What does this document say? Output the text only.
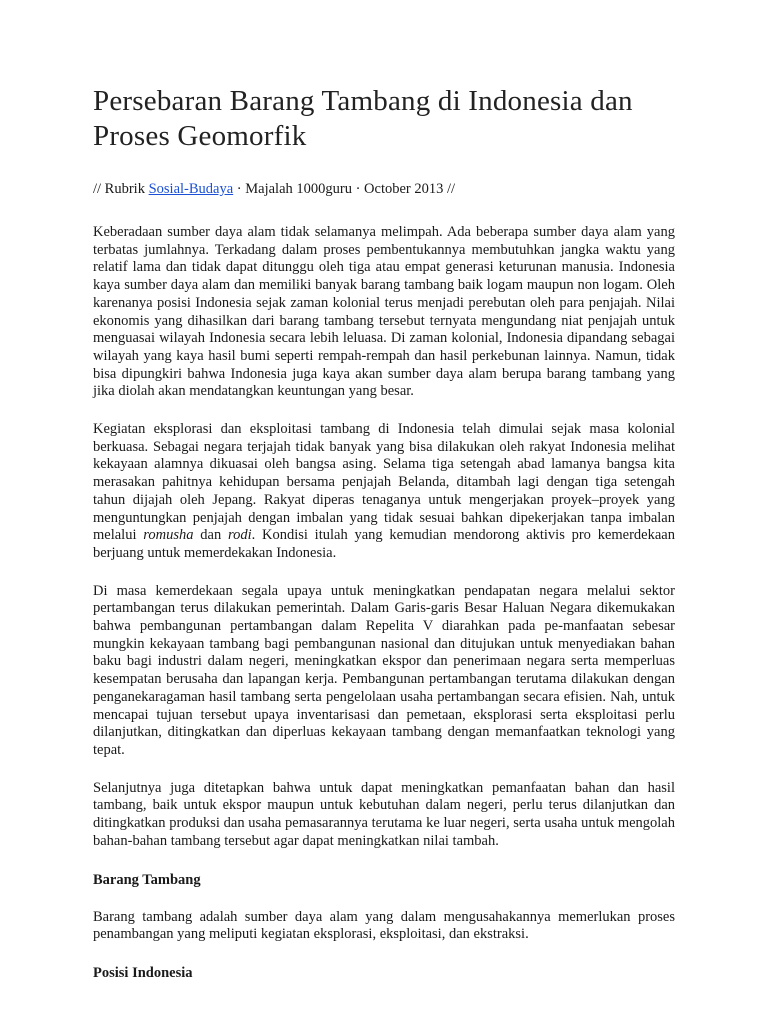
Persebaran Barang Tambang di Indonesia dan Proses Geomorfik
// Rubrik Sosial-Budaya · Majalah 1000guru · October 2013 //

Keberadaan sumber daya alam tidak selamanya melimpah. Ada beberapa sumber daya alam yang terbatas jumlahnya. Terkadang dalam proses pembentukannya membutuhkan jangka waktu yang relatif lama dan tidak dapat ditunggu oleh tiga atau empat generasi keturunan manusia. Indonesia kaya sumber daya alam dan memiliki banyak barang tambang baik logam maupun non logam. Oleh karenanya posisi Indonesia sejak zaman kolonial terus menjadi perebutan oleh para penjajah. Nilai ekonomis yang dihasilkan dari barang tambang tersebut ternyata mengundang niat penjajah untuk menguasai wilayah Indonesia secara lebih leluasa. Di zaman kolonial, Indonesia dipandang sebagai wilayah yang kaya hasil bumi seperti rempah-rempah dan hasil perkebunan lainnya. Namun, tidak bisa dipungkiri bahwa Indonesia juga kaya akan sumber daya alam berupa barang tambang yang jika diolah akan mendatangkan keuntungan yang besar.

Kegiatan eksplorasi dan eksploitasi tambang di Indonesia telah dimulai sejak masa kolonial berkuasa. Sebagai negara terjajah tidak banyak yang bisa dilakukan oleh rakyat Indonesia melihat kekayaan alamnya dikuasai oleh bangsa asing. Selama tiga setengah abad lamanya bangsa kita merasakan pahitnya kehidupan bersama penjajah Belanda, ditambah lagi dengan tiga setengah tahun dijajah oleh Jepang. Rakyat diperas tenaganya untuk mengerjakan proyek–proyek yang menguntungkan penjajah dengan imbalan yang tidak sesuai bahkan dipekerjakan tanpa imbalan melalui romusha dan rodi. Kondisi itulah yang kemudian mendorong aktivis pro kemerdekaan berjuang untuk memerdekakan Indonesia.

Di masa kemerdekaan segala upaya untuk meningkatkan pendapatan negara melalui sektor pertambangan terus dilakukan pemerintah. Dalam Garis-garis Besar Haluan Negara dikemukakan bahwa pembangunan pertambangan dalam Repelita V diarahkan pada pe-manfaatan sebesar mungkin kekayaan tambang bagi pembangunan nasional dan ditujukan untuk menyediakan bahan baku bagi industri dalam negeri, meningkatkan ekspor dan penerimaan negara serta memperluas kesempatan berusaha dan lapangan kerja. Pembangunan pertambangan terutama dilakukan dengan penganekaragaman hasil tambang serta pengelolaan usaha pertambangan secara efisien. Nah, untuk mencapai tujuan tersebut upaya inventarisasi dan pemetaan, eksplorasi serta eksploitasi perlu dilanjutkan, ditingkatkan dan diperluas kekayaan tambang dengan memanfaatkan teknologi yang tepat.

Selanjutnya juga ditetapkan bahwa untuk dapat meningkatkan pemanfaatan bahan dan hasil tambang, baik untuk ekspor maupun untuk kebutuhan dalam negeri, perlu terus dilanjutkan dan ditingkatkan produksi dan usaha pemasarannya terutama ke luar negeri, serta usaha untuk mengolah bahan-bahan tambang tersebut agar dapat meningkatkan nilai tambah.

Barang Tambang

Barang tambang adalah sumber daya alam yang dalam mengusahakannya memerlukan proses penambangan yang meliputi kegiatan eksplorasi, eksploitasi, dan ekstraksi.

Posisi Indonesia
